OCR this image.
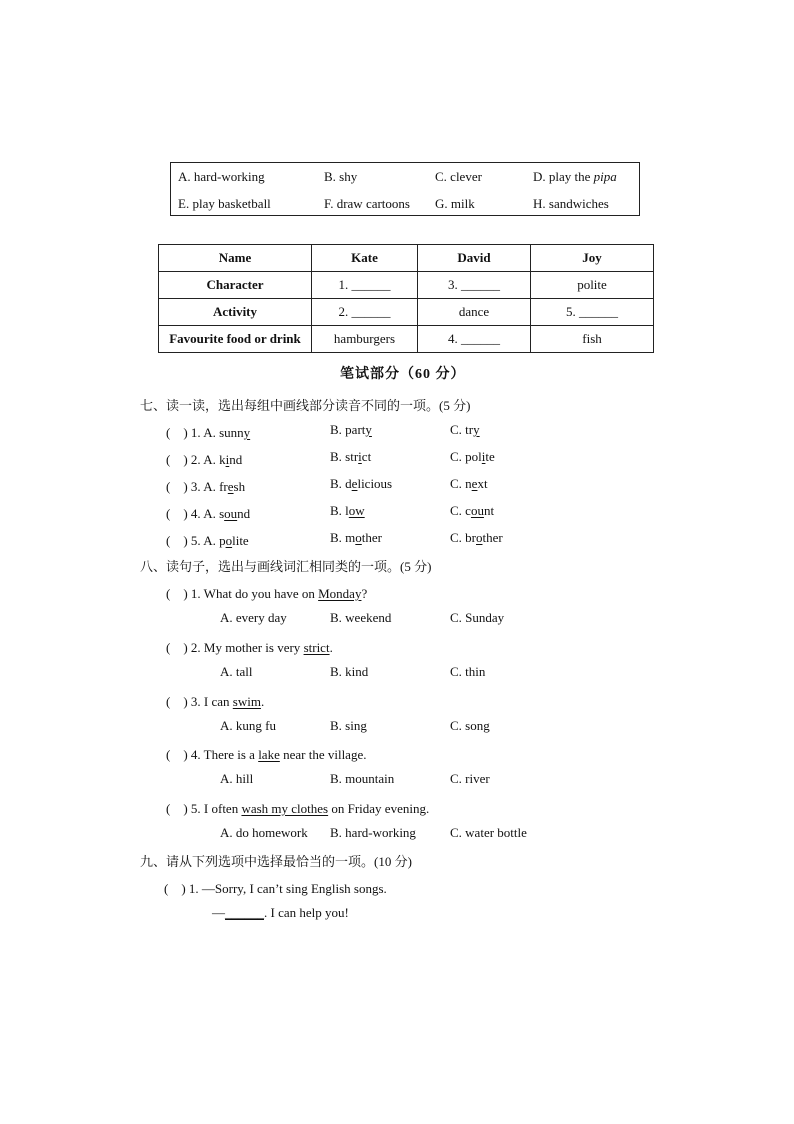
A. hard-working	B. shy	C. clever	D. play the pipa
E. play basketball	F. draw cartoons G. milk	H. sandwiches
Name	Kate	David	Joy
Character	1. ______	3. ______	polite
Activity	2. ______	dance	5. ______
Favourite food or drink	hamburgers	4. ______	fish
笔试部分（60 分）
七、读一读，选出每组中画线部分读音不同的一项。(5 分)
(　) 1. A. sunny	B. party	C. try
(　) 2. A. kind	B. strict	C. polite
(　) 3. A. fresh	B. delicious	C. next
(　) 4. A. sound	B. low	C. count
(　) 5. A. polite	B. mother	C. brother
八、读句子，选出与画线词汇相同类的一项。(5 分)
(　) 1. What do you have on Monday?
A. every day	B. weekend	C. Sunday
(　) 2. My mother is very strict.
A. tall	B. kind	C. thin
(　) 3. I can swim.
A. kung fu	B. sing	C. song
(　) 4. There is a lake near the village.
A. hill	B. mountain	C. river
(　) 5. I often wash my clothes on Friday evening.
A. do homework B. hard-working	C. water bottle
九、请从下列选项中选择最恰当的一项。(10 分)
(　) 1. —Sorry, I can’t sing English songs.
—______. I can help you!
